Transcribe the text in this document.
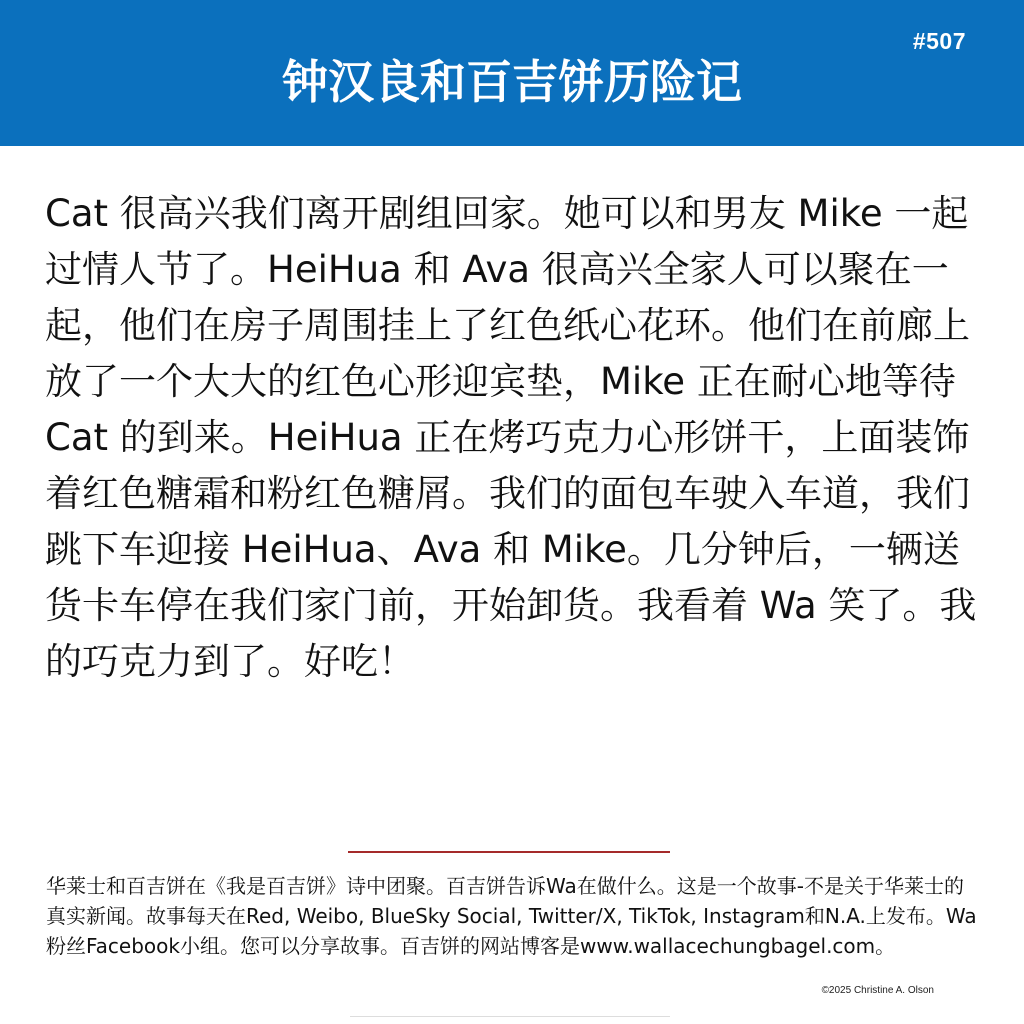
#507
钟汉良和百吉饼历险记

Cat 很高兴我们离开剧组回家。她可以和男友 Mike 一起过情人节了。HeiHua 和 Ava 很高兴全家人可以聚在一起，他们在房子周围挂上了红色纸心花环。他们在前廊上放了一个大大的红色心形迎宾垫，Mike 正在耐心地等待 Cat 的到来。HeiHua 正在烤巧克力心形饼干，上面装饰着红色糖霜和粉红色糖屑。我们的面包车驶入车道，我们跳下车迎接 HeiHua、Ava 和 Mike。几分钟后，一辆送货卡车停在我们家门前，开始卸货。我看着 Wa 笑了。我的巧克力到了。好吃！

华莱士和百吉饼在《我是百吉饼》诗中团聚。百吉饼告诉Wa在做什么。这是一个故事-不是关于华莱士的真实新闻。故事每天在Red, Weibo, BlueSky Social, Twitter/X, TikTok, Instagram和N.A.上发布。Wa粉丝Facebook小组。您可以分享故事。百吉饼的网站博客是www.wallacechungbagel.com。

©2025 Christine A. Olson
